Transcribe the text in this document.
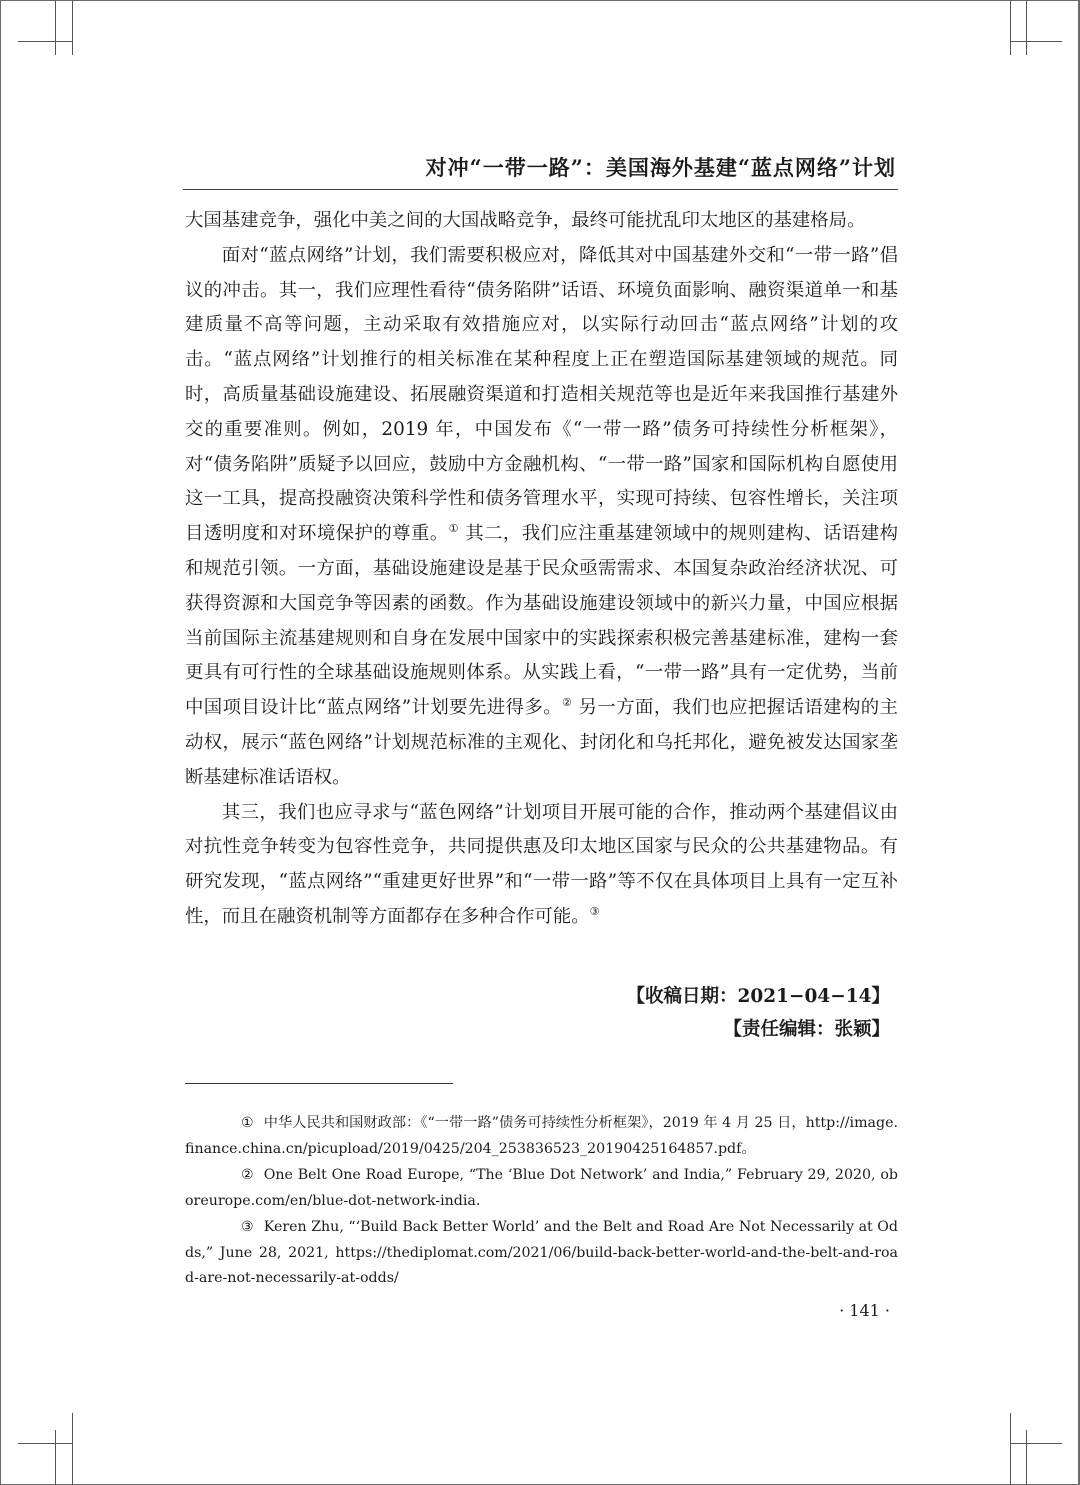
对冲“一带一路”：美国海外基建“蓝点网络”计划

大国基建竞争，强化中美之间的大国战略竞争，最终可能扰乱印太地区的基建格局。

面对“蓝点网络”计划，我们需要积极应对，降低其对中国基建外交和“一带一路”倡议的冲击。其一，我们应理性看待“债务陷阱”话语、环境负面影响、融资渠道单一和基建质量不高等问题，主动采取有效措施应对，以实际行动回击“蓝点网络”计划的攻击。“蓝点网络”计划推行的相关标准在某种程度上正在塑造国际基建领域的规范。同时，高质量基础设施建设、拓展融资渠道和打造相关规范等也是近年来我国推行基建外交的重要准则。例如，2019 年，中国发布《“一带一路”债务可持续性分析框架》，对“债务陷阱”质疑予以回应，鼓励中方金融机构、“一带一路”国家和国际机构自愿使用这一工具，提高投融资决策科学性和债务管理水平，实现可持续、包容性增长，关注项目透明度和对环境保护的尊重。① 其二，我们应注重基建领域中的规则建构、话语建构和规范引领。一方面，基础设施建设是基于民众亟需需求、本国复杂政治经济状况、可获得资源和大国竞争等因素的函数。作为基础设施建设领域中的新兴力量，中国应根据当前国际主流基建规则和自身在发展中国家中的实践探索积极完善基建标准，建构一套更具有可行性的全球基础设施规则体系。从实践上看，“一带一路”具有一定优势，当前中国项目设计比“蓝点网络”计划要先进得多。② 另一方面，我们也应把握话语建构的主动权，展示“蓝色网络”计划规范标准的主观化、封闭化和乌托邦化，避免被发达国家垄断基建标准话语权。

其三，我们也应寻求与“蓝色网络”计划项目开展可能的合作，推动两个基建倡议由对抗性竞争转变为包容性竞争，共同提供惠及印太地区国家与民众的公共基建物品。有研究发现，“蓝点网络”“重建更好世界”和“一带一路”等不仅在具体项目上具有一定互补性，而且在融资机制等方面都存在多种合作可能。③

【收稿日期：2021−04−14】
【责任编辑：张颖】

① 中华人民共和国财政部：《“一带一路”债务可持续性分析框架》，2019 年 4 月 25 日，http://image.finance.china.cn/picupload/2019/0425/204_253836523_20190425164857.pdf。

② One Belt One Road Europe, “The ‘Blue Dot Network’ and India,” February 29, 2020, oboreurope.com/en/blue-dot-network-india.

③ Keren Zhu, “‘Build Back Better World’ and the Belt and Road Are Not Necessarily at Odds,” June 28, 2021, https://thediplomat.com/2021/06/build-back-better-world-and-the-belt-and-road-are-not-necessarily-at-odds/

· 141 ·
